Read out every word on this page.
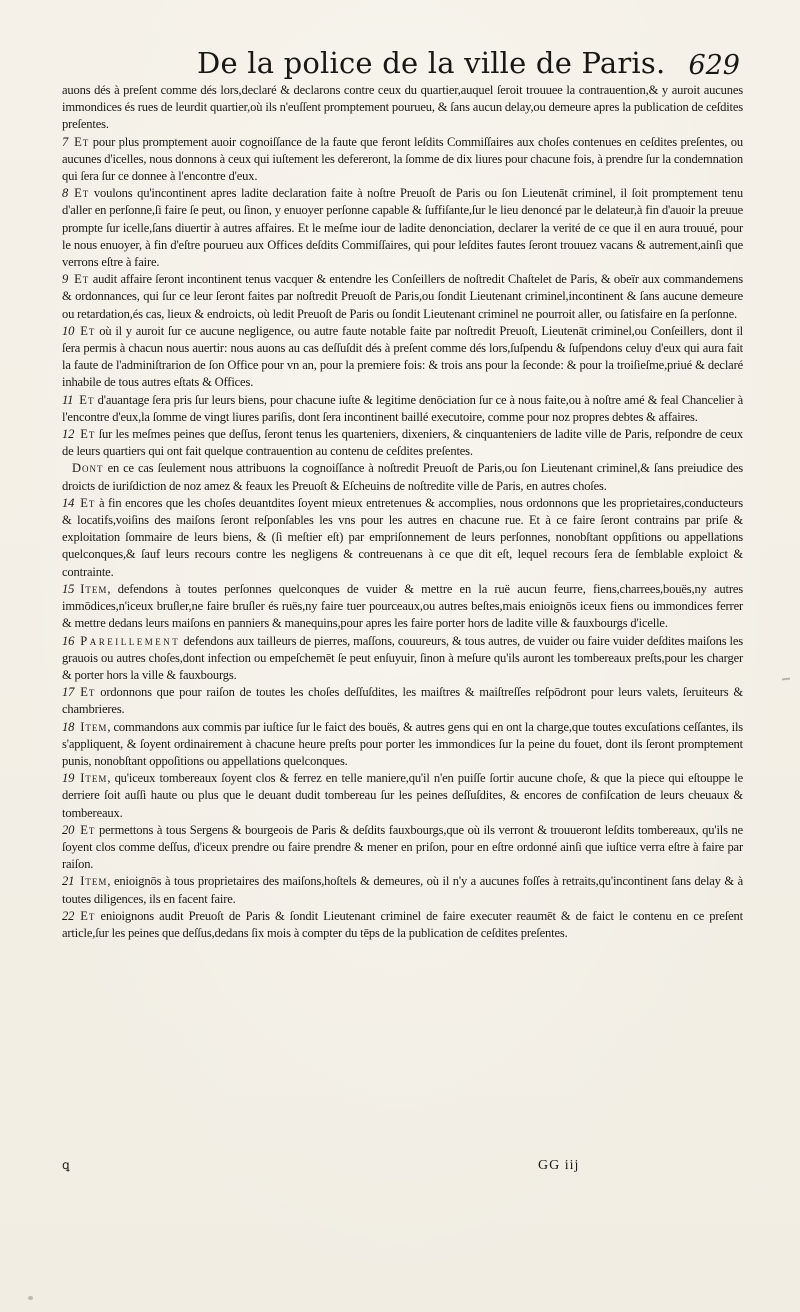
De la police de la ville de Paris. 629

auons dés à preſent comme dés lors,declaré & declarons contre ceux du quartier,auquel ſeroit trouuee la contrauention,& y auroit aucunes immondices és rues de leurdit quartier,où ils n'euſſent promptement pourueu, & ſans aucun delay,ou demeure apres la publication de ceſdites preſentes.

7 Et pour plus promptement auoir cognoiſſance de la faute que feront leſdits Commiſſaires aux choſes contenues en ceſdites preſentes, ou aucunes d'icelles, nous donnons à ceux qui iuſtement les defereront, la ſomme de dix liures pour chacune fois, à prendre ſur la condemnation qui ſera ſur ce donnee à l'encontre d'eux.

8 Et voulons qu'incontinent apres ladite declaration faite à noſtre Preuoſt de Paris ou ſon Lieutenāt criminel, il ſoit promptement tenu d'aller en perſonne,ſi faire ſe peut, ou ſinon, y enuoyer perſonne capable & ſuffiſante,ſur le lieu denoncé par le delateur,à fin d'auoir la preuue prompte ſur icelle,ſans diuertir à autres affaires. Et le meſme iour de ladite denonciation, declarer la verité de ce que il en aura trouué, pour le nous enuoyer, à fin d'eſtre pourueu aux Offices deſdits Commiſſaires, qui pour leſdites fautes ſeront trouuez vacans & autrement,ainſi que verrons eſtre à faire.

9 Et audit affaire ſeront incontinent tenus vacquer & entendre les Conſeillers de noſtredit Chaſtelet de Paris, & obeïr aux commandemens & ordonnances, qui ſur ce leur ſeront faites par noſtredit Preuoſt de Paris,ou ſondit Lieutenant criminel,incontinent & ſans aucune demeure ou retardation,és cas, lieux & endroicts, où ledit Preuoſt de Paris ou ſondit Lieutenant criminel ne pourroit aller, ou ſatisfaire en ſa perſonne.

10 Et où il y auroit ſur ce aucune negligence, ou autre faute notable faite par noſtredit Preuoſt, Lieutenāt criminel,ou Conſeillers, dont il ſera permis à chacun nous auertir: nous auons au cas deſſuſdit dés à preſent comme dés lors,ſuſpendu & ſuſpendons celuy d'eux qui aura fait la faute de l'adminiſtrarion de ſon Office pour vn an, pour la premiere fois: & trois ans pour la ſeconde: & pour la troiſieſme,priué & declaré inhabile de tous autres eſtats & Offices.

11 Et d'auantage ſera pris ſur leurs biens, pour chacune iuſte & legitime denōciation ſur ce à nous faite,ou à noſtre amé & feal Chancelier à l'encontre d'eux,la ſomme de vingt liures pariſis, dont ſera incontinent baillé executoire, comme pour noz propres debtes & affaires.

12 Et ſur les meſmes peines que deſſus, ſeront tenus les quarteniers, dixeniers, & cinquanteniers de ladite ville de Paris, reſpondre de ceux de leurs quartiers qui ont fait quelque contrauention au contenu de ceſdites preſentes.

Dont en ce cas ſeulement nous attribuons la cognoiſſance à noſtredit Preuoſt de Paris,ou ſon Lieutenant criminel,& ſans preiudice des droicts de iuriſdiction de noz amez & feaux les Preuoſt & Eſcheuins de noſtredite ville de Paris, en autres choſes.

14 Et à fin encores que les choſes deuantdites ſoyent mieux entretenues & accomplies, nous ordonnons que les proprietaires,conducteurs & locatifs,voiſins des maiſons ſeront reſponſables les vns pour les autres en chacune rue. Et à ce faire ſeront contrains par priſe & exploitation ſommaire de leurs biens, & (ſi meſtier eſt) par empriſonnement de leurs perſonnes, nonobſtant oppſitions ou appellations quelconques,& ſauf leurs recours contre les negligens & contreuenans à ce que dit eſt, lequel recours ſera de ſemblable exploict & contrainte.

15 Item, defendons à toutes perſonnes quelconques de vuider & mettre en la ruë aucun feurre, fiens,charrees,bouës,ny autres immōdices,n'iceux bruſler,ne faire bruſler és ruës,ny faire tuer pourceaux,ou autres beſtes,mais enioignōs iceux fiens ou immondices ferrer & mettre dedans leurs maiſons en panniers & manequins,pour apres les faire porter hors de ladite ville & fauxbourgs d'icelle.

16 Pareillement defendons aux tailleurs de pierres, maſſons, couureurs, & tous autres, de vuider ou faire vuider deſdites maiſons les grauois ou autres choſes,dont infection ou empeſchemēt ſe peut enſuyuir, ſinon à meſure qu'ils auront les tombereaux preſts,pour les charger & porter hors la ville & fauxbourgs.

17 Et ordonnons que pour raiſon de toutes les choſes deſſuſdites, les maiſtres & maiſtreſſes reſpōdront pour leurs valets, ſeruiteurs & chambrieres.

18 Item, commandons aux commis par iuſtice ſur le faict des bouës, & autres gens qui en ont la charge,que toutes excuſations ceſſantes, ils s'appliquent, & ſoyent ordinairement à chacune heure preſts pour porter les immondices ſur la peine du fouet, dont ils ſeront promptement punis, nonobſtant oppoſitions ou appellations quelconques.

19 Item, qu'iceux tombereaux ſoyent clos & ferrez en telle maniere,qu'il n'en puiſſe ſortir aucune choſe, & que la piece qui eſtouppe le derriere ſoit auſſi haute ou plus que le deuant dudit tombereau ſur les peines deſſuſdites, & encores de confiſcation de leurs cheuaux & tombereaux.

20 Et permettons à tous Sergens & bourgeois de Paris & deſdits fauxbourgs,que où ils verront & trouueront leſdits tombereaux, qu'ils ne ſoyent clos comme deſſus, d'iceux prendre ou faire prendre & mener en priſon, pour en eſtre ordonné ainſi que iuſtice verra eſtre à faire par raiſon.

21 Item, enioignōs à tous proprietaires des maiſons,hoſtels & demeures, où il n'y a aucunes foſſes à retraits,qu'incontinent ſans delay & à toutes diligences, ils en facent faire.

22 Et enioignons audit Preuoſt de Paris & ſondit Lieutenant criminel de faire executer reaumēt & de faict le contenu en ce preſent article,ſur les peines que deſſus,dedans ſix mois à compter du tēps de la publication de ceſdites preſentes.

ꝗ	GG iij
